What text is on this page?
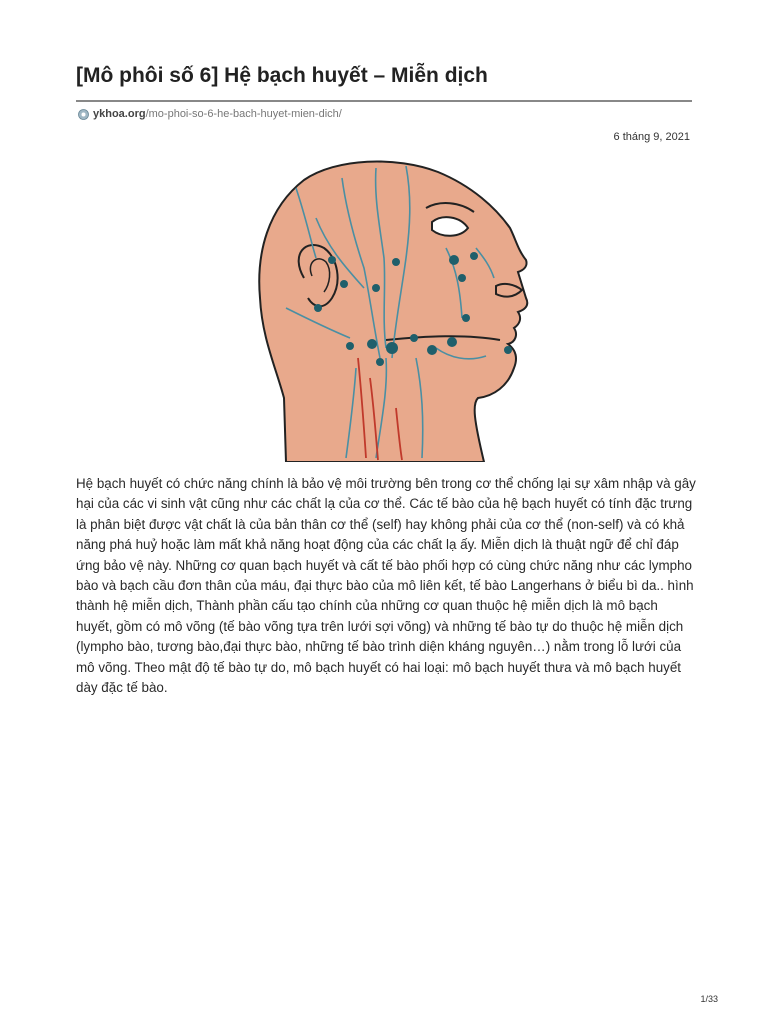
[Mô phôi số 6] Hệ bạch huyết – Miễn dịch
ykhoa.org /mo-phoi-so-6-he-bach-huyet-mien-dich/
6 tháng 9, 2021

Hệ bạch huyết có chức năng chính là bảo vệ môi trường bên trong cơ thể chống lại sự xâm nhập và gây hại của các vi sinh vật cũng như các chất lạ của cơ thể. Các tế bào của hệ bạch huyết có tính đặc trưng là phân biệt được vật chất là của bản thân cơ thể (self) hay không phải của cơ thể (non-self) và có khả năng phá huỷ hoặc làm mất khả năng hoạt động của các chất lạ ấy. Miễn dịch là thuật ngữ để chỉ đáp ứng bảo vệ này. Những cơ quan bạch huyết và cất tế bào phối hợp có cùng chức năng như các lympho bào và bạch cầu đơn thân của máu, đại thực bào của mô liên kết, tế bào Langerhans ở biểu bì da.. hình thành hệ miễn dịch, Thành phần cấu tạo chính của những cơ quan thuộc hệ miễn dịch là mô bạch huyết, gồm có mô võng (tế bào võng tựa trên lưới sợi võng) và những tế bào tự do thuộc hệ miễn dịch (lympho bào, tương bào,đại thực bào, những tế bào trình diện kháng nguyên…) nằm trong lỗ lưới của mô võng. Theo mật độ tế bào tự do, mô bạch huyết có hai loại: mô bạch huyết thưa và mô bạch huyết dày đặc tế bào.

1/33
